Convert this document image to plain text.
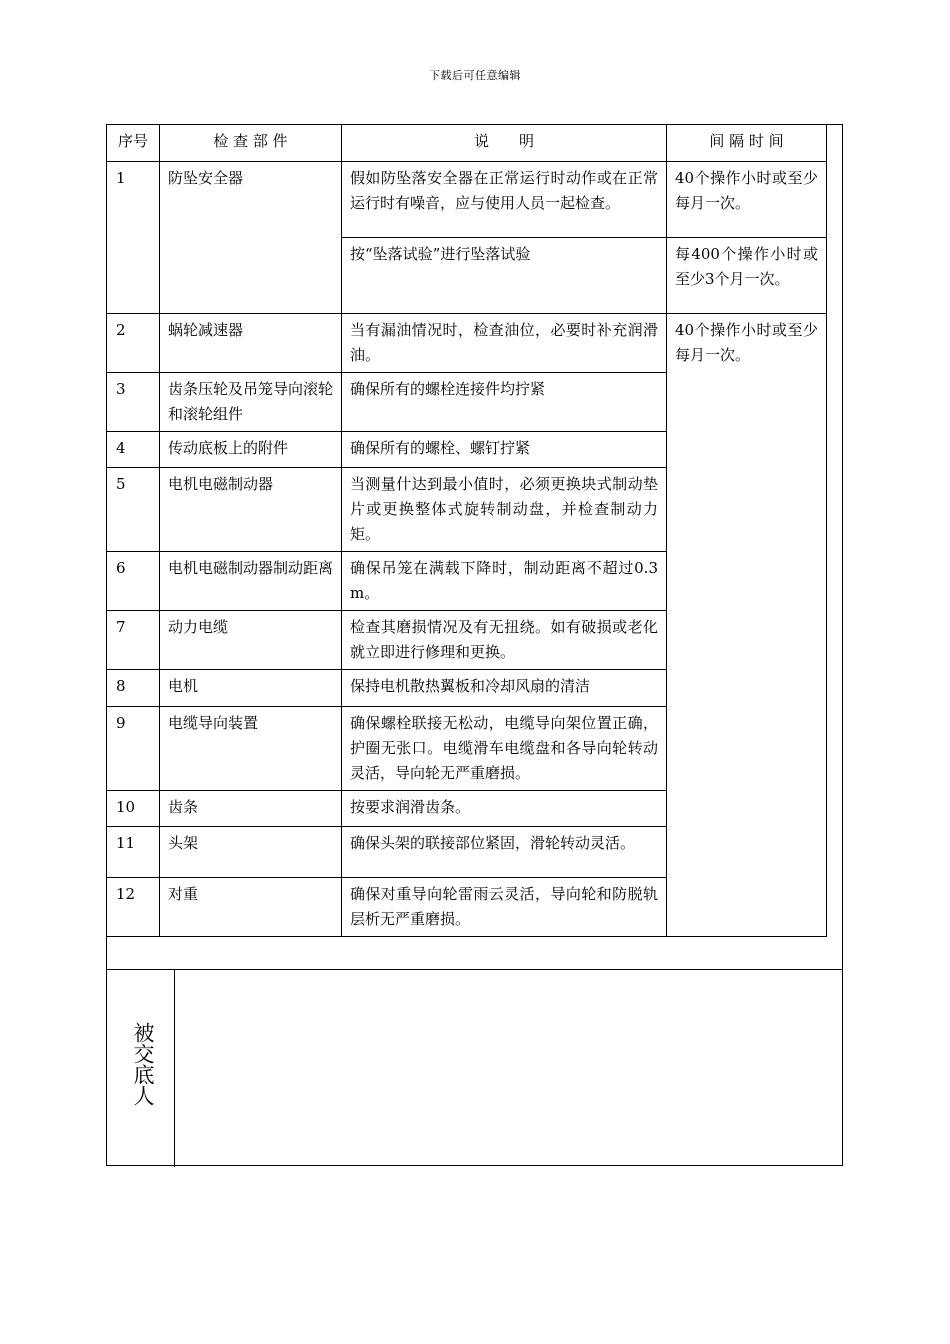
下载后可任意编辑
序号	检 查 部 件	说　　明	间 隔 时 间
1	防坠安全器	假如防坠落安全器在正常运行时动作或在正常运行时有噪音，应与使用人员一起检查。	40个操作小时或至少每月一次。
		按“坠落试验”进行坠落试验	每400个操作小时或至少3个月一次。
2	蜗轮减速器	当有漏油情况时，检查油位，必要时补充润滑油。	40个操作小时或至少每月一次。
3	齿条压轮及吊笼导向滚轮和滚轮组件	确保所有的螺栓连接件均拧紧	
4	传动底板上的附件	确保所有的螺栓、螺钉拧紧	
5	电机电磁制动器	当测量什达到最小值时，必须更换块式制动垫片或更换整体式旋转制动盘，并检查制动力矩。	
6	电机电磁制动器制动距离	确保吊笼在满载下降时，制动距离不超过0.3m。	
7	动力电缆	检查其磨损情况及有无扭绕。如有破损或老化就立即进行修理和更换。	
8	电机	保持电机散热翼板和冷却风扇的清洁	
9	电缆导向装置	确保螺栓联接无松动，电缆导向架位置正确，护圈无张口。电缆滑车电缆盘和各导向轮转动灵活，导向轮无严重磨损。	
10	齿条	按要求润滑齿条。	
11	头架	确保头架的联接部位紧固，滑轮转动灵活。	
12	对重	确保对重导向轮雷雨云灵活，导向轮和防脱轨层析无严重磨损。	
被交底人
